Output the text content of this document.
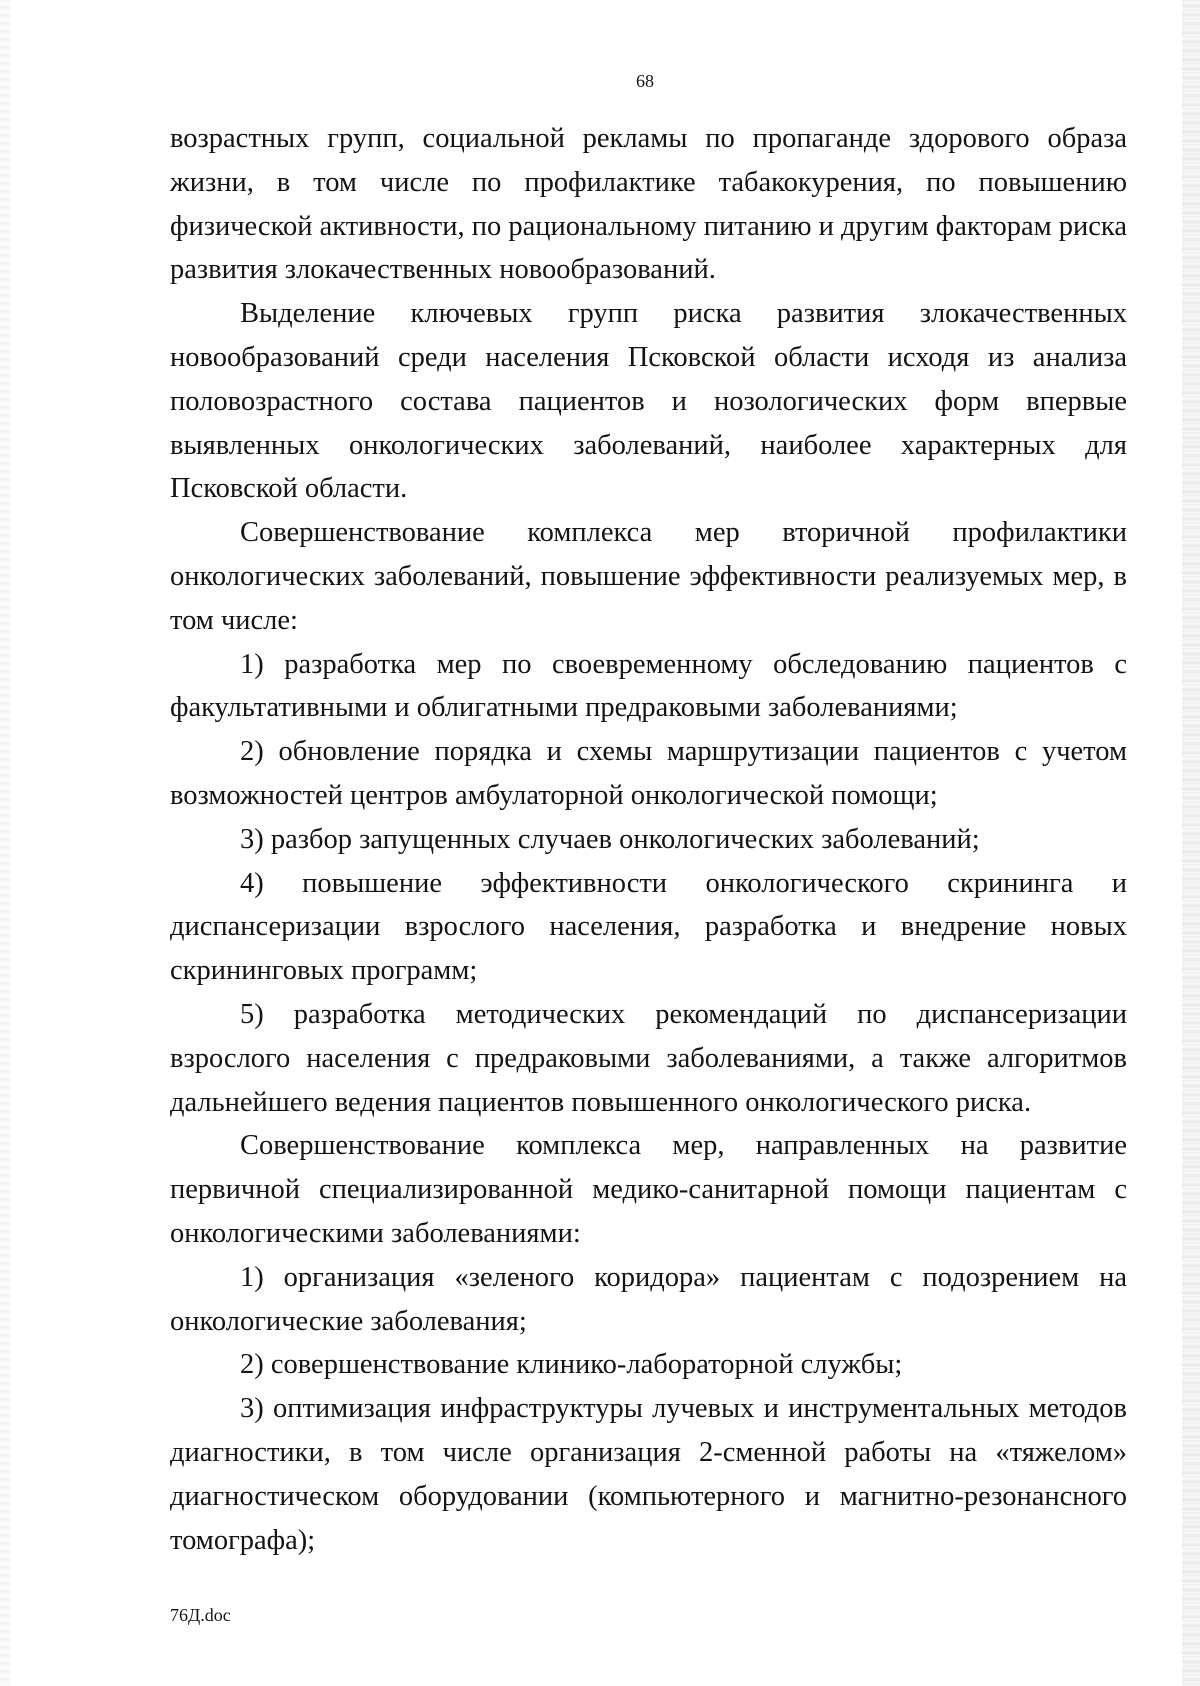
68

возрастных групп, социальной рекламы по пропаганде здорового образа жизни, в том числе по профилактике табакокурения, по повышению физической активности, по рациональному питанию и другим факторам риска развития злокачественных новообразований.

Выделение ключевых групп риска развития злокачественных новообразований среди населения Псковской области исходя из анализа половозрастного состава пациентов и нозологических форм впервые выявленных онкологических заболеваний, наиболее характерных для Псковской области.

Совершенствование комплекса мер вторичной профилактики онкологических заболеваний, повышение эффективности реализуемых мер, в том числе:

1) разработка мер по своевременному обследованию пациентов с факультативными и облигатными предраковыми заболеваниями;

2) обновление порядка и схемы маршрутизации пациентов с учетом возможностей центров амбулаторной онкологической помощи;

3) разбор запущенных случаев онкологических заболеваний;

4) повышение эффективности онкологического скрининга и диспансеризации взрослого населения, разработка и внедрение новых скрининговых программ;

5) разработка методических рекомендаций по диспансеризации взрослого населения с предраковыми заболеваниями, а также алгоритмов дальнейшего ведения пациентов повышенного онкологического риска.

Совершенствование комплекса мер, направленных на развитие первичной специализированной медико-санитарной помощи пациентам с онкологическими заболеваниями:

1) организация «зеленого коридора» пациентам с подозрением на онкологические заболевания;

2) совершенствование клинико-лабораторной службы;

3) оптимизация инфраструктуры лучевых и инструментальных методов диагностики, в том числе организация 2-сменной работы на «тяжелом» диагностическом оборудовании (компьютерного и магнитно-резонансного томографа);

76Д.doc
